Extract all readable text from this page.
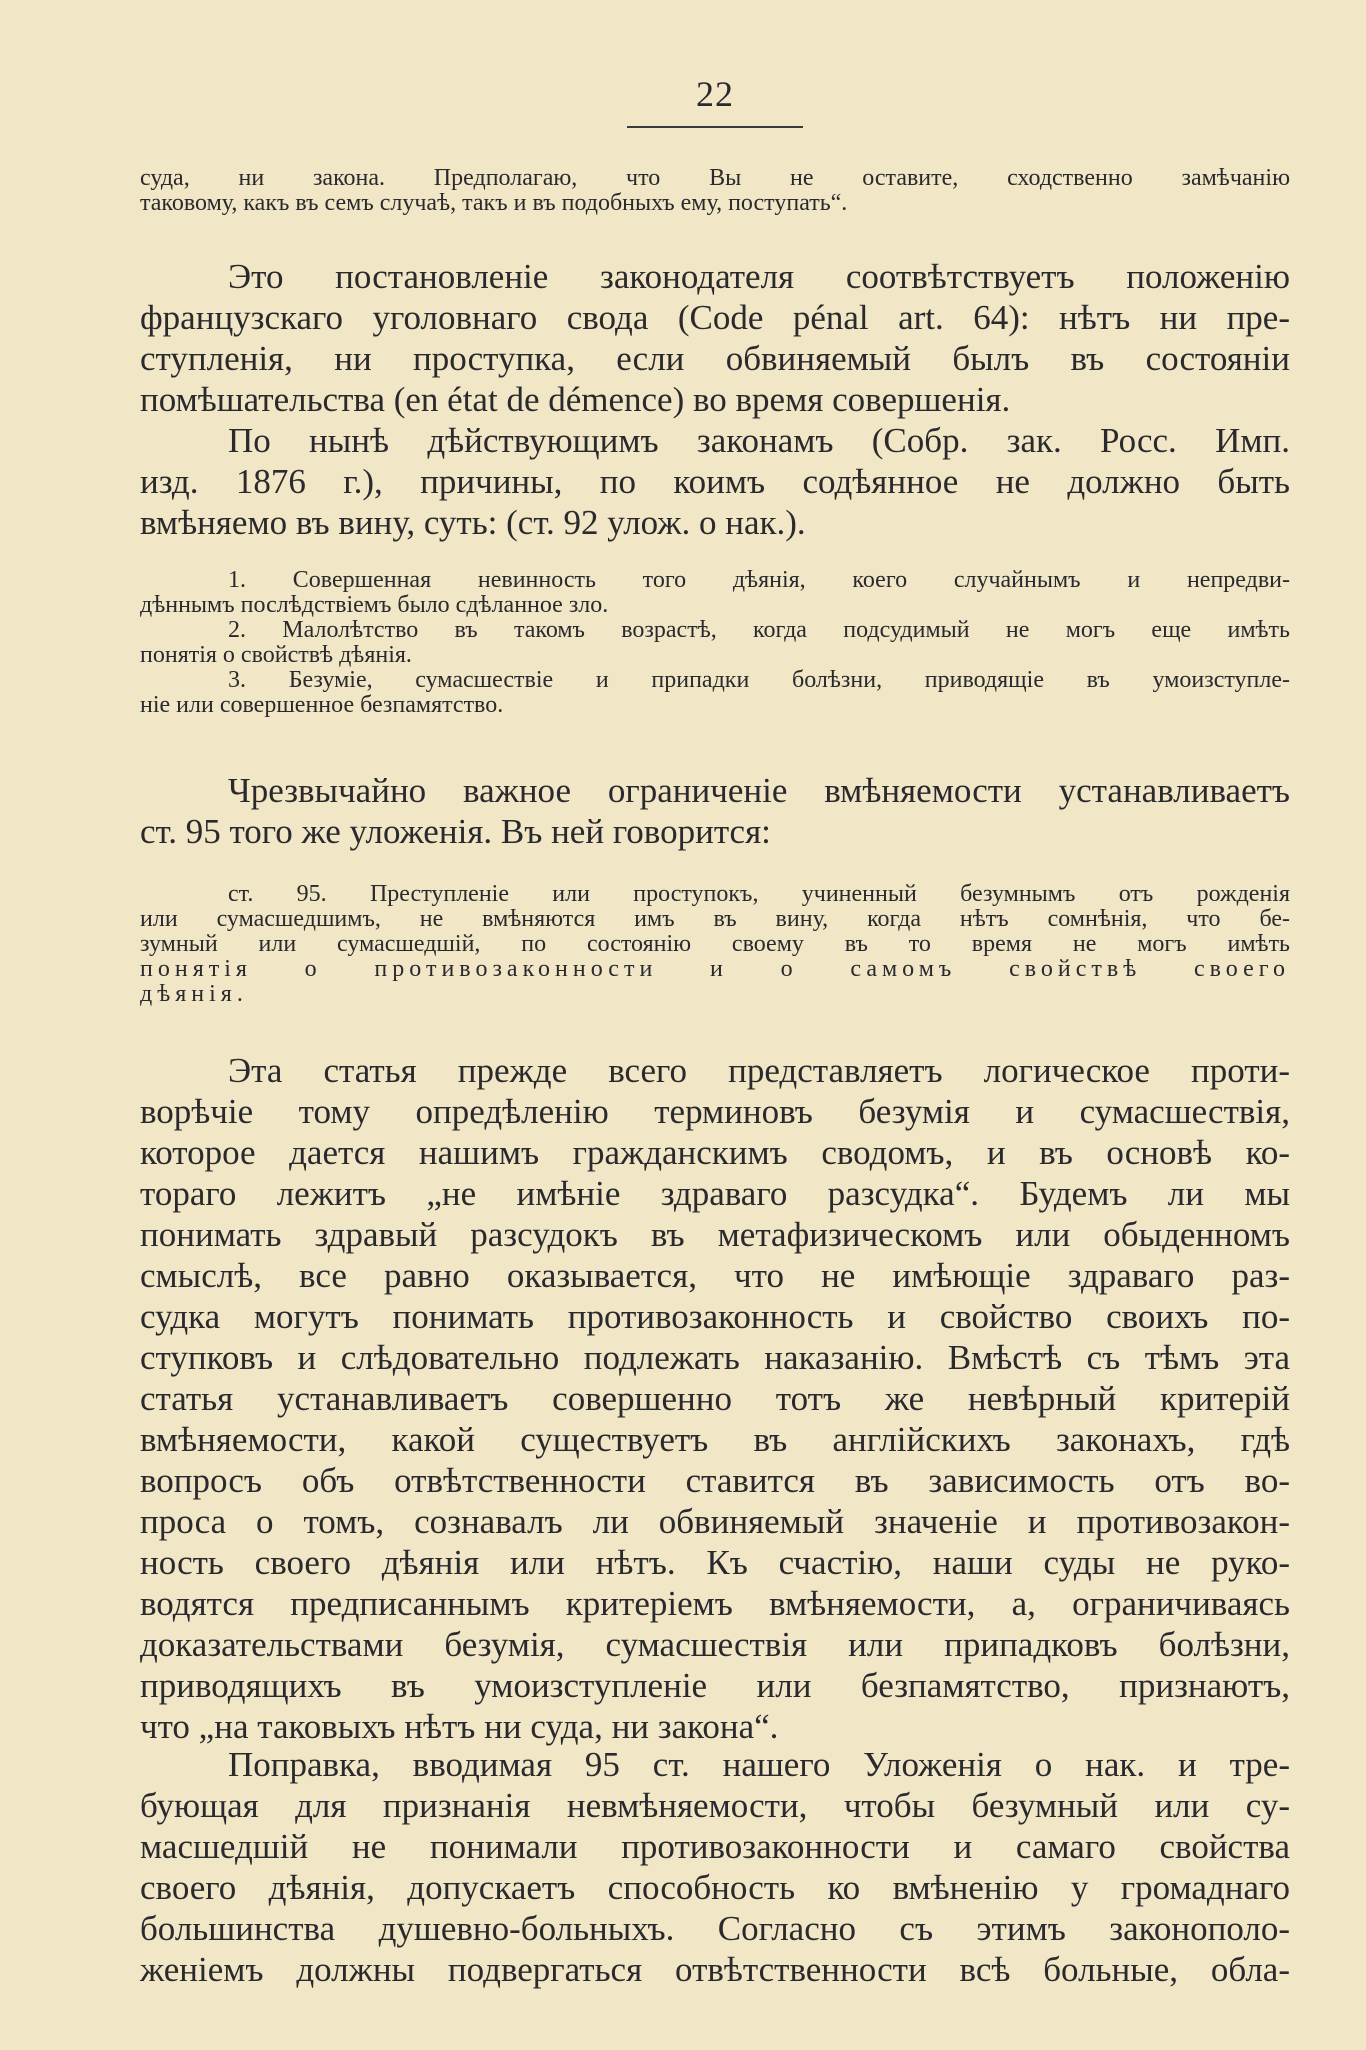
22

суда, ни закона. Предполагаю, что Вы не оставите, сходственно замѣчанію
таковому, какъ въ семъ случаѣ, такъ и въ подобныхъ ему, поступать“.

Это постановленіе законодателя соотвѣтствуетъ положенію
французскаго уголовнаго свода (Code pénal art. 64): нѣтъ ни пре-
ступленія, ни проступка, если обвиняемый былъ въ состояніи
помѣшательства (en état de démence) во время совершенія.

По нынѣ дѣйствующимъ законамъ (Собр. зак. Росс. Имп.
изд. 1876 г.), причины, по коимъ содѣянное не должно быть
вмѣняемо въ вину, суть: (ст. 92 улож. о нак.).

1. Совершенная невинность того дѣянія, коего случайнымъ и непредви-
дѣннымъ послѣдствіемъ было сдѣланное зло.
2. Малолѣтство въ такомъ возрастѣ, когда подсудимый не могъ еще имѣть
понятія о свойствѣ дѣянія.
3. Безуміе, сумасшествіе и припадки болѣзни, приводящіе въ умоизступле-
ніе или совершенное безпамятство.

Чрезвычайно важное ограниченіе вмѣняемости устанавливаетъ
ст. 95 того же уложенія. Въ ней говорится:

ст. 95. Преступленіе или проступокъ, учиненный безумнымъ отъ рожденія
или сумасшедшимъ, не вмѣняются имъ въ вину, когда нѣтъ сомнѣнія, что бе-
зумный или сумасшедшій, по состоянію своему въ то время не могъ имѣть
понятія о противозаконности и о самомъ свойствѣ своего
дѣянія.

Эта статья прежде всего представляетъ логическое проти-
ворѣчіе тому опредѣленію терминовъ безумія и сумасшествія,
которое дается нашимъ гражданскимъ сводомъ, и въ основѣ ко-
тораго лежитъ „не имѣніе здраваго разсудка“. Будемъ ли мы
понимать здравый разсудокъ въ метафизическомъ или обыденномъ
смыслѣ, все равно оказывается, что не имѣющіе здраваго раз-
судка могутъ понимать противозаконность и свойство своихъ по-
ступковъ и слѣдовательно подлежать наказанію. Вмѣстѣ съ тѣмъ эта
статья устанавливаетъ совершенно тотъ же невѣрный критерій
вмѣняемости, какой существуетъ въ англійскихъ законахъ, гдѣ
вопросъ объ отвѣтственности ставится въ зависимость отъ во-
проса о томъ, сознавалъ ли обвиняемый значеніе и противозакон-
ность своего дѣянія или нѣтъ. Къ счастію, наши суды не руко-
водятся предписаннымъ критеріемъ вмѣняемости, а, ограничиваясь
доказательствами безумія, сумасшествія или припадковъ болѣзни,
приводящихъ въ умоизступленіе или безпамятство, признаютъ,
что „на таковыхъ нѣтъ ни суда, ни закона“.

Поправка, вводимая 95 ст. нашего Уложенія о нак. и тре-
бующая для признанія невмѣняемости, чтобы безумный или су-
масшедшій не понимали противозаконности и самаго свойства
своего дѣянія, допускаетъ способность ко вмѣненію у громаднаго
большинства душевно-больныхъ. Согласно съ этимъ законополо-
женіемъ должны подвергаться отвѣтственности всѣ больные, обла-
